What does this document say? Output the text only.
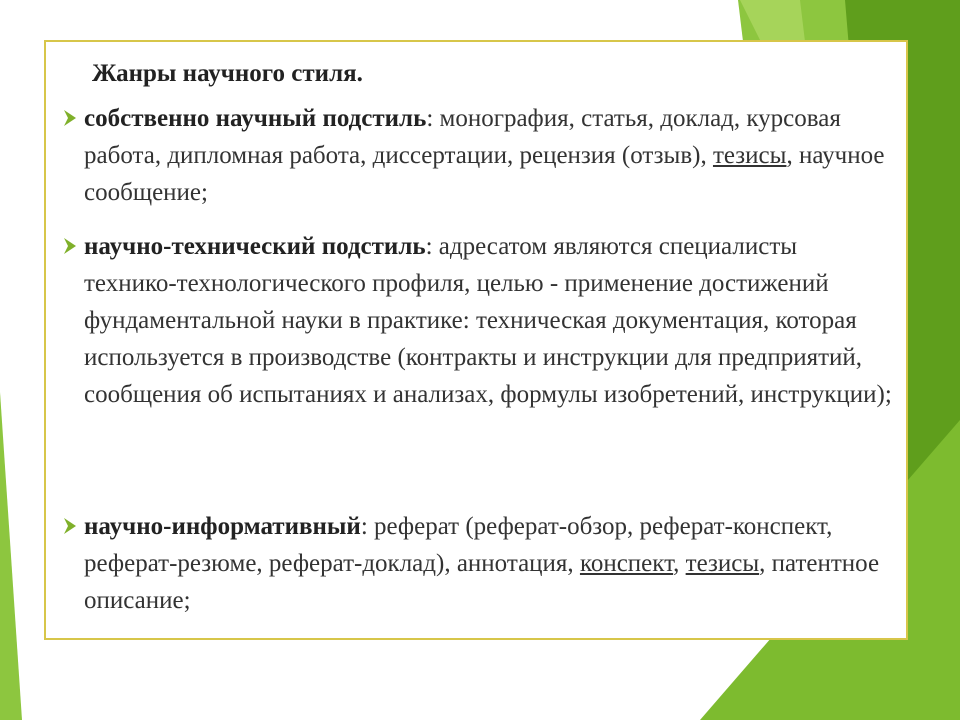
Жанры научного стиля.
собственно научный подстиль: монография, статья, доклад, курсовая работа, дипломная работа, диссертации, рецензия (отзыв), тезисы, научное сообщение;
научно-технический подстиль: адресатом являются специалисты технико-технологического профиля, целью - применение достижений фундаментальной науки в практике: техническая документация, которая используется в производстве (контракты и инструкции для предприятий, сообщения об испытаниях и анализах, формулы изобретений, инструкции);
научно-информативный: реферат (реферат-обзор, реферат-конспект, реферат-резюме, реферат-доклад), аннотация, конспект, тезисы, патентное описание;
